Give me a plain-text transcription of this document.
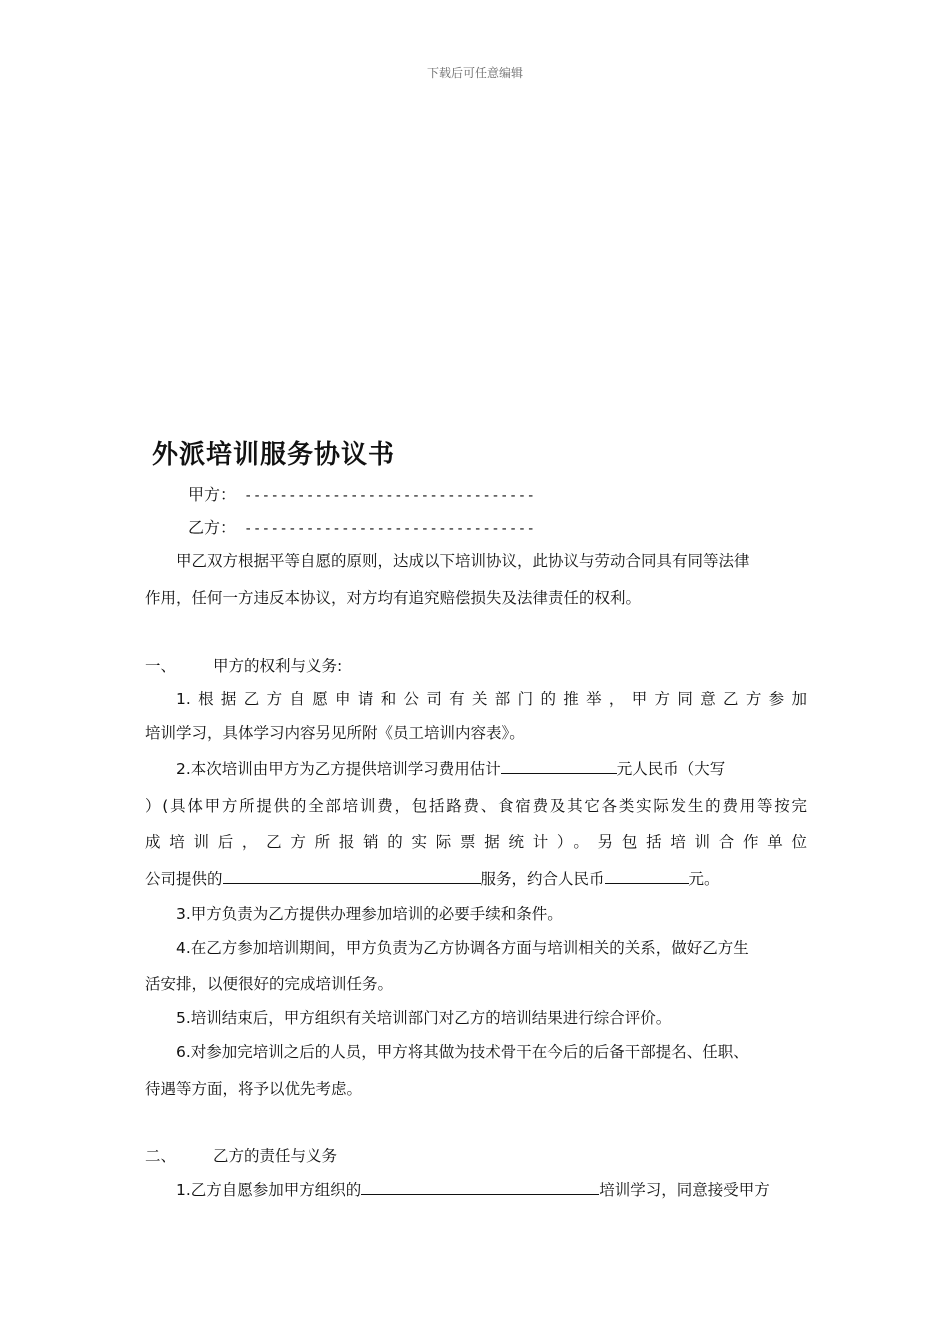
下载后可任意编辑
外派培训服务协议书
甲方： ---------------------------------
乙方： ---------------------------------
甲乙双方根据平等自愿的原则，达成以下培训协议，此协议与劳动合同具有同等法律
作用，任何一方违反本协议，对方均有追究赔偿损失及法律责任的权利。
一、 甲方的权利与义务:
1.根据乙方自愿申请和公司有关部门的推举，甲方同意乙方参加
培训学习，具体学习内容另见所附《员工培训内容表》。
2.本次培训由甲方为乙方提供培训学习费用估计	元人民币（大写
）(具体甲方所提供的全部培训费，包括路费、食宿费及其它各类实际发生的费用等按完
成培训后，乙方所报销的实际票据统计）。另包括培训合作单位
公司提供的	服务，约合人民币	元。
3.甲方负责为乙方提供办理参加培训的必要手续和条件。
4.在乙方参加培训期间，甲方负责为乙方协调各方面与培训相关的关系，做好乙方生
活安排，以便很好的完成培训任务。
5.培训结束后，甲方组织有关培训部门对乙方的培训结果进行综合评价。
6.对参加完培训之后的人员，甲方将其做为技术骨干在今后的后备干部提名、任职、
待遇等方面，将予以优先考虑。
二、 乙方的责任与义务
1.乙方自愿参加甲方组织的	培训学习，同意接受甲方
